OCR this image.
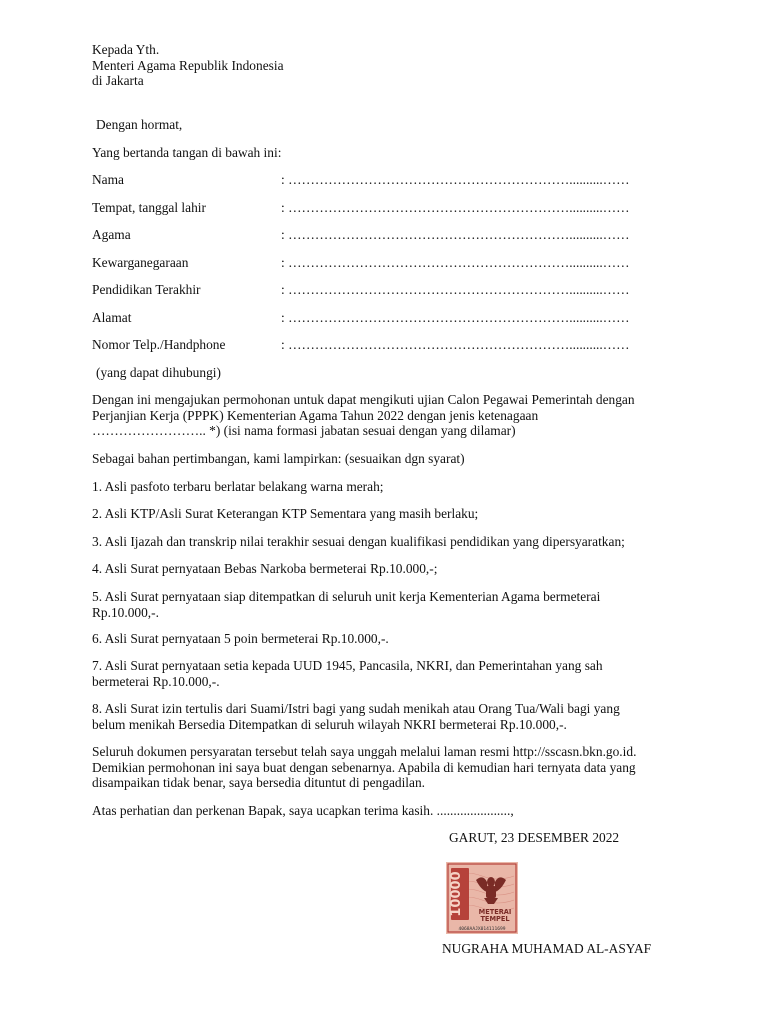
Kepada Yth.
Menteri Agama Republik Indonesia
di Jakarta
Dengan hormat,
Yang bertanda tangan di bawah ini:
Nama	: ………………………………………………………..........……
Tempat, tanggal lahir	: ………………………………………………………..........……
Agama	: ………………………………………………………..........……
Kewarganegaraan	: ………………………………………………………..........……
Pendidikan Terakhir	: ………………………………………………………..........……
Alamat	: ………………………………………………………..........……
Nomor Telp./Handphone	: ………………………………………………………..........……
(yang dapat dihubungi)
Dengan ini mengajukan permohonan untuk dapat mengikuti ujian Calon Pegawai Pemerintah dengan
Perjanjian Kerja (PPPK) Kementerian Agama Tahun 2022 dengan jenis ketenagaan
…………………….. *) (isi nama formasi jabatan sesuai dengan yang dilamar)
Sebagai bahan pertimbangan, kami lampirkan: (sesuaikan dgn syarat)
1. Asli pasfoto terbaru berlatar belakang warna merah;
2. Asli KTP/Asli Surat Keterangan KTP Sementara yang masih berlaku;
3. Asli Ijazah dan transkrip nilai terakhir sesuai dengan kualifikasi pendidikan yang dipersyaratkan;
4. Asli Surat pernyataan Bebas Narkoba bermeterai Rp.10.000,-;
5. Asli Surat pernyataan siap ditempatkan di seluruh unit kerja Kementerian Agama bermeterai
Rp.10.000,-.
6. Asli Surat pernyataan 5 poin bermeterai Rp.10.000,-.
7. Asli Surat pernyataan setia kepada UUD 1945, Pancasila, NKRI, dan Pemerintahan yang sah
bermeterai Rp.10.000,-.
8. Asli Surat izin tertulis dari Suami/Istri bagi yang sudah menikah atau Orang Tua/Wali bagi yang
belum menikah Bersedia Ditempatkan di seluruh wilayah NKRI bermeterai Rp.10.000,-.
Seluruh dokumen persyaratan tersebut telah saya unggah melalui laman resmi http://sscasn.bkn.go.id.
Demikian permohonan ini saya buat dengan sebenarnya. Apabila di kemudian hari ternyata data yang
disampaikan tidak benar, saya bersedia dituntut di pengadilan.
Atas perhatian dan perkenan Bapak, saya ucapkan terima kasih. ......................,
GARUT, 23 DESEMBER 2022
10000 METERAI
TEMPEL
4068AAJX014111699
NUGRAHA MUHAMAD AL-ASYAF
